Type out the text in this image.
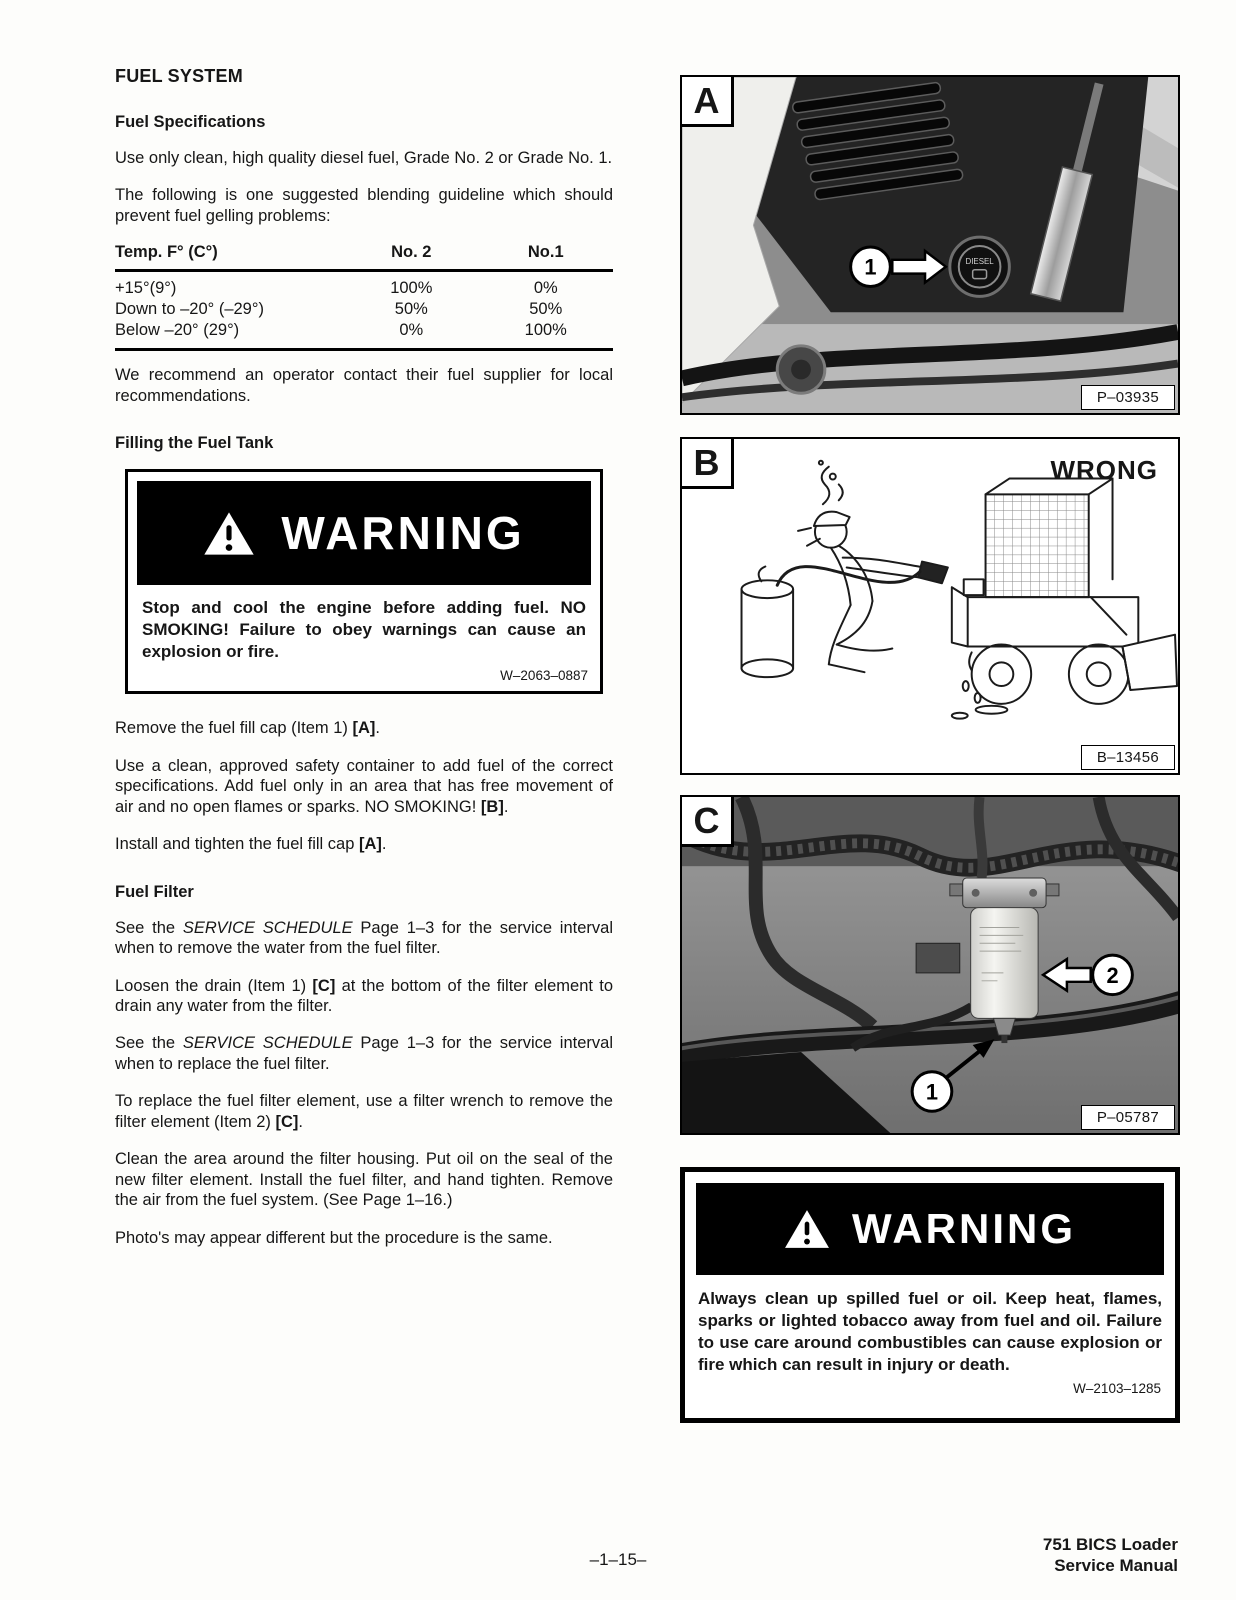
FUEL SYSTEM
Fuel Specifications

Use only clean, high quality diesel fuel, Grade No. 2 or Grade No. 1.

The following is one suggested blending guideline which should prevent fuel gelling problems:

Temp. F° (C°)	No. 2	No.1
+15°(9°)	100%	0%
Down to –20° (–29°)	50%	50%
Below –20° (29°)	0%	100%

We recommend an operator contact their fuel supplier for local recommendations.

Filling the Fuel Tank
WARNING
Stop and cool the engine before adding fuel. NO SMOKING! Failure to obey warnings can cause an explosion or fire.
W–2063–0887

Remove the fuel fill cap (Item 1) [A].

Use a clean, approved safety container to add fuel of the correct specifications. Add fuel only in an area that has free movement of air and no open flames or sparks. NO SMOKING! [B].

Install and tighten the fuel fill cap [A].

Fuel Filter

See the SERVICE SCHEDULE Page 1–3 for the service interval when to remove the water from the fuel filter.

Loosen the drain (Item 1) [C] at the bottom of the filter element to drain any water from the filter.

See the SERVICE SCHEDULE Page 1–3 for the service interval when to replace the fuel filter.

To replace the fuel filter element, use a filter wrench to remove the filter element (Item 2) [C].

Clean the area around the filter housing. Put oil on the seal of the new filter element. Install the fuel filter, and hand tighten. Remove the air from the fuel system. (See Page 1–16.)

Photo's may appear different but the procedure is the same.

A
DIESEL
1
P–03935
B	WRONG
B–13456
C
2
1
P–05787
WARNING
Always clean up spilled fuel or oil. Keep heat, flames, sparks or lighted tobacco away from fuel and oil. Failure to use care around combustibles can cause explosion or fire which can result in injury or death.
W–2103–1285
–1–15–
751 BICS Loader
Service Manual
